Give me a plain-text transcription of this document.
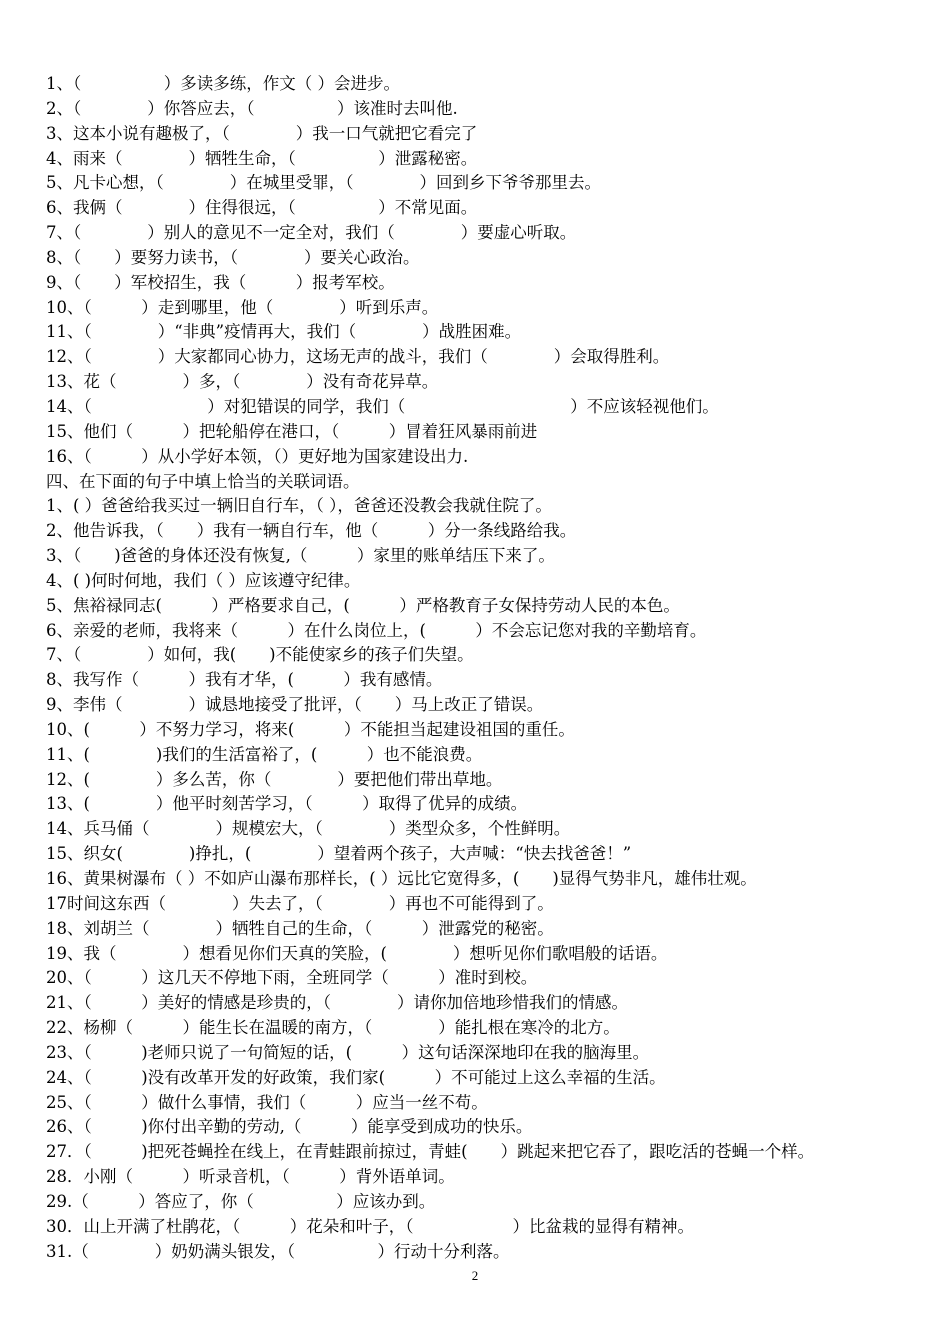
1、（　　　　　）多读多练，作文（ ）会进步。
2、（　　　　）你答应去，（　　　　　）该准时去叫他.
3、这本小说有趣极了，（　　　　）我一口气就把它看完了
4、雨来（　　　　）牺牲生命，（　　　　　）泄露秘密。
5、凡卡心想，（　　　　）在城里受罪，（　　　　）回到乡下爷爷那里去。
6、我俩（　　　　）住得很远，（　　　　　）不常见面。
7、（　　　　）别人的意见不一定全对，我们（　　　　）要虚心听取。
8、（　　）要努力读书，（　　　　）要关心政治。
9、（　　）军校招生，我（　　　）报考军校。
10、（　　　）走到哪里，他（　　　　）听到乐声。
11、（　　　　）“非典”疫情再大，我们（　　　　）战胜困难。
12、（　　　　）大家都同心协力，这场无声的战斗，我们（　　　　）会取得胜利。
13、花（　　　　）多，（　　　　）没有奇花异草。
14、（　　　　　　　）对犯错误的同学，我们（　　　　　　　　　　）不应该轻视他们。
15、他们（　　　）把轮船停在港口，（　　　）冒着狂风暴雨前进
16、（　　　）从小学好本领，（）更好地为国家建设出力.
四、在下面的句子中填上恰当的关联词语。
1、( ）爸爸给我买过一辆旧自行车，（ ），爸爸还没教会我就住院了。
2、他告诉我，（　　）我有一辆自行车，他（　　　）分一条线路给我。
3、（　　)爸爸的身体还没有恢复,（　　　）家里的账单结压下来了。
4、( )何时何地，我们（ ）应该遵守纪律。
5、焦裕禄同志(　　　）严格要求自己，(　　　）严格教育子女保持劳动人民的本色。
6、亲爱的老师，我将来（　　　）在什么岗位上，(　　　）不会忘记您对我的辛勤培育。
7、（　　　　）如何，我(　　)不能使家乡的孩子们失望。
8、我写作（　　　）我有才华，(　　　）我有感情。
9、李伟（　　　　）诚恳地接受了批评，（　　）马上改正了错误。
10、(　　　）不努力学习，将来(　　　）不能担当起建设祖国的重任。
11、(　　　　)我们的生活富裕了，(　　　）也不能浪费。
12、(　　　　）多么苦，你（　　　　）要把他们带出草地。
13、(　　　　）他平时刻苦学习，（　　　）取得了优异的成绩。
14、兵马俑（　　　　）规模宏大，（　　　　）类型众多，个性鲜明。
15、织女(　　　　)挣扎，(　　　　）望着两个孩子，大声喊：“快去找爸爸！”
16、黄果树瀑布（ ）不如庐山瀑布那样长，( ）远比它宽得多，(　　)显得气势非凡，雄伟壮观。
17时间这东西（　　　　）失去了，（　　　　）再也不可能得到了。
18、刘胡兰（　　　　）牺牲自己的生命，（　　　）泄露党的秘密。
19、我（　　　　）想看见你们天真的笑脸，(　　　　）想听见你们歌唱般的话语。
20、（　　　）这几天不停地下雨，全班同学（　　　）准时到校。
21、（　　　）美好的情感是珍贵的，（　　　　）请你加倍地珍惜我们的情感。
22、杨柳（　　　）能生长在温暖的南方，（　　　　）能扎根在寒冷的北方。
23、（　　　)老师只说了一句简短的话，(　　　）这句话深深地印在我的脑海里。
24、（　　　)没有改革开发的好政策，我们家(　　　）不可能过上这么幸福的生活。
25、（　　　）做什么事情，我们（　　　）应当一丝不苟。
26、（　　　)你付出辛勤的劳动,（　　　）能享受到成功的快乐。
27．（　　　)把死苍蝇拴在线上，在青蛙跟前掠过，青蛙(　　）跳起来把它吞了，跟吃活的苍蝇一个样。
28．小刚（　　　）听录音机，（　　　）背外语单词。
29.（　　　）答应了，你（　　　　　）应该办到。
30．山上开满了杜鹃花，（　　　）花朵和叶子，（　　　　　　）比盆栽的显得有精神。
31.（　　　　）奶奶满头银发，（　　　　　）行动十分利落。
2
